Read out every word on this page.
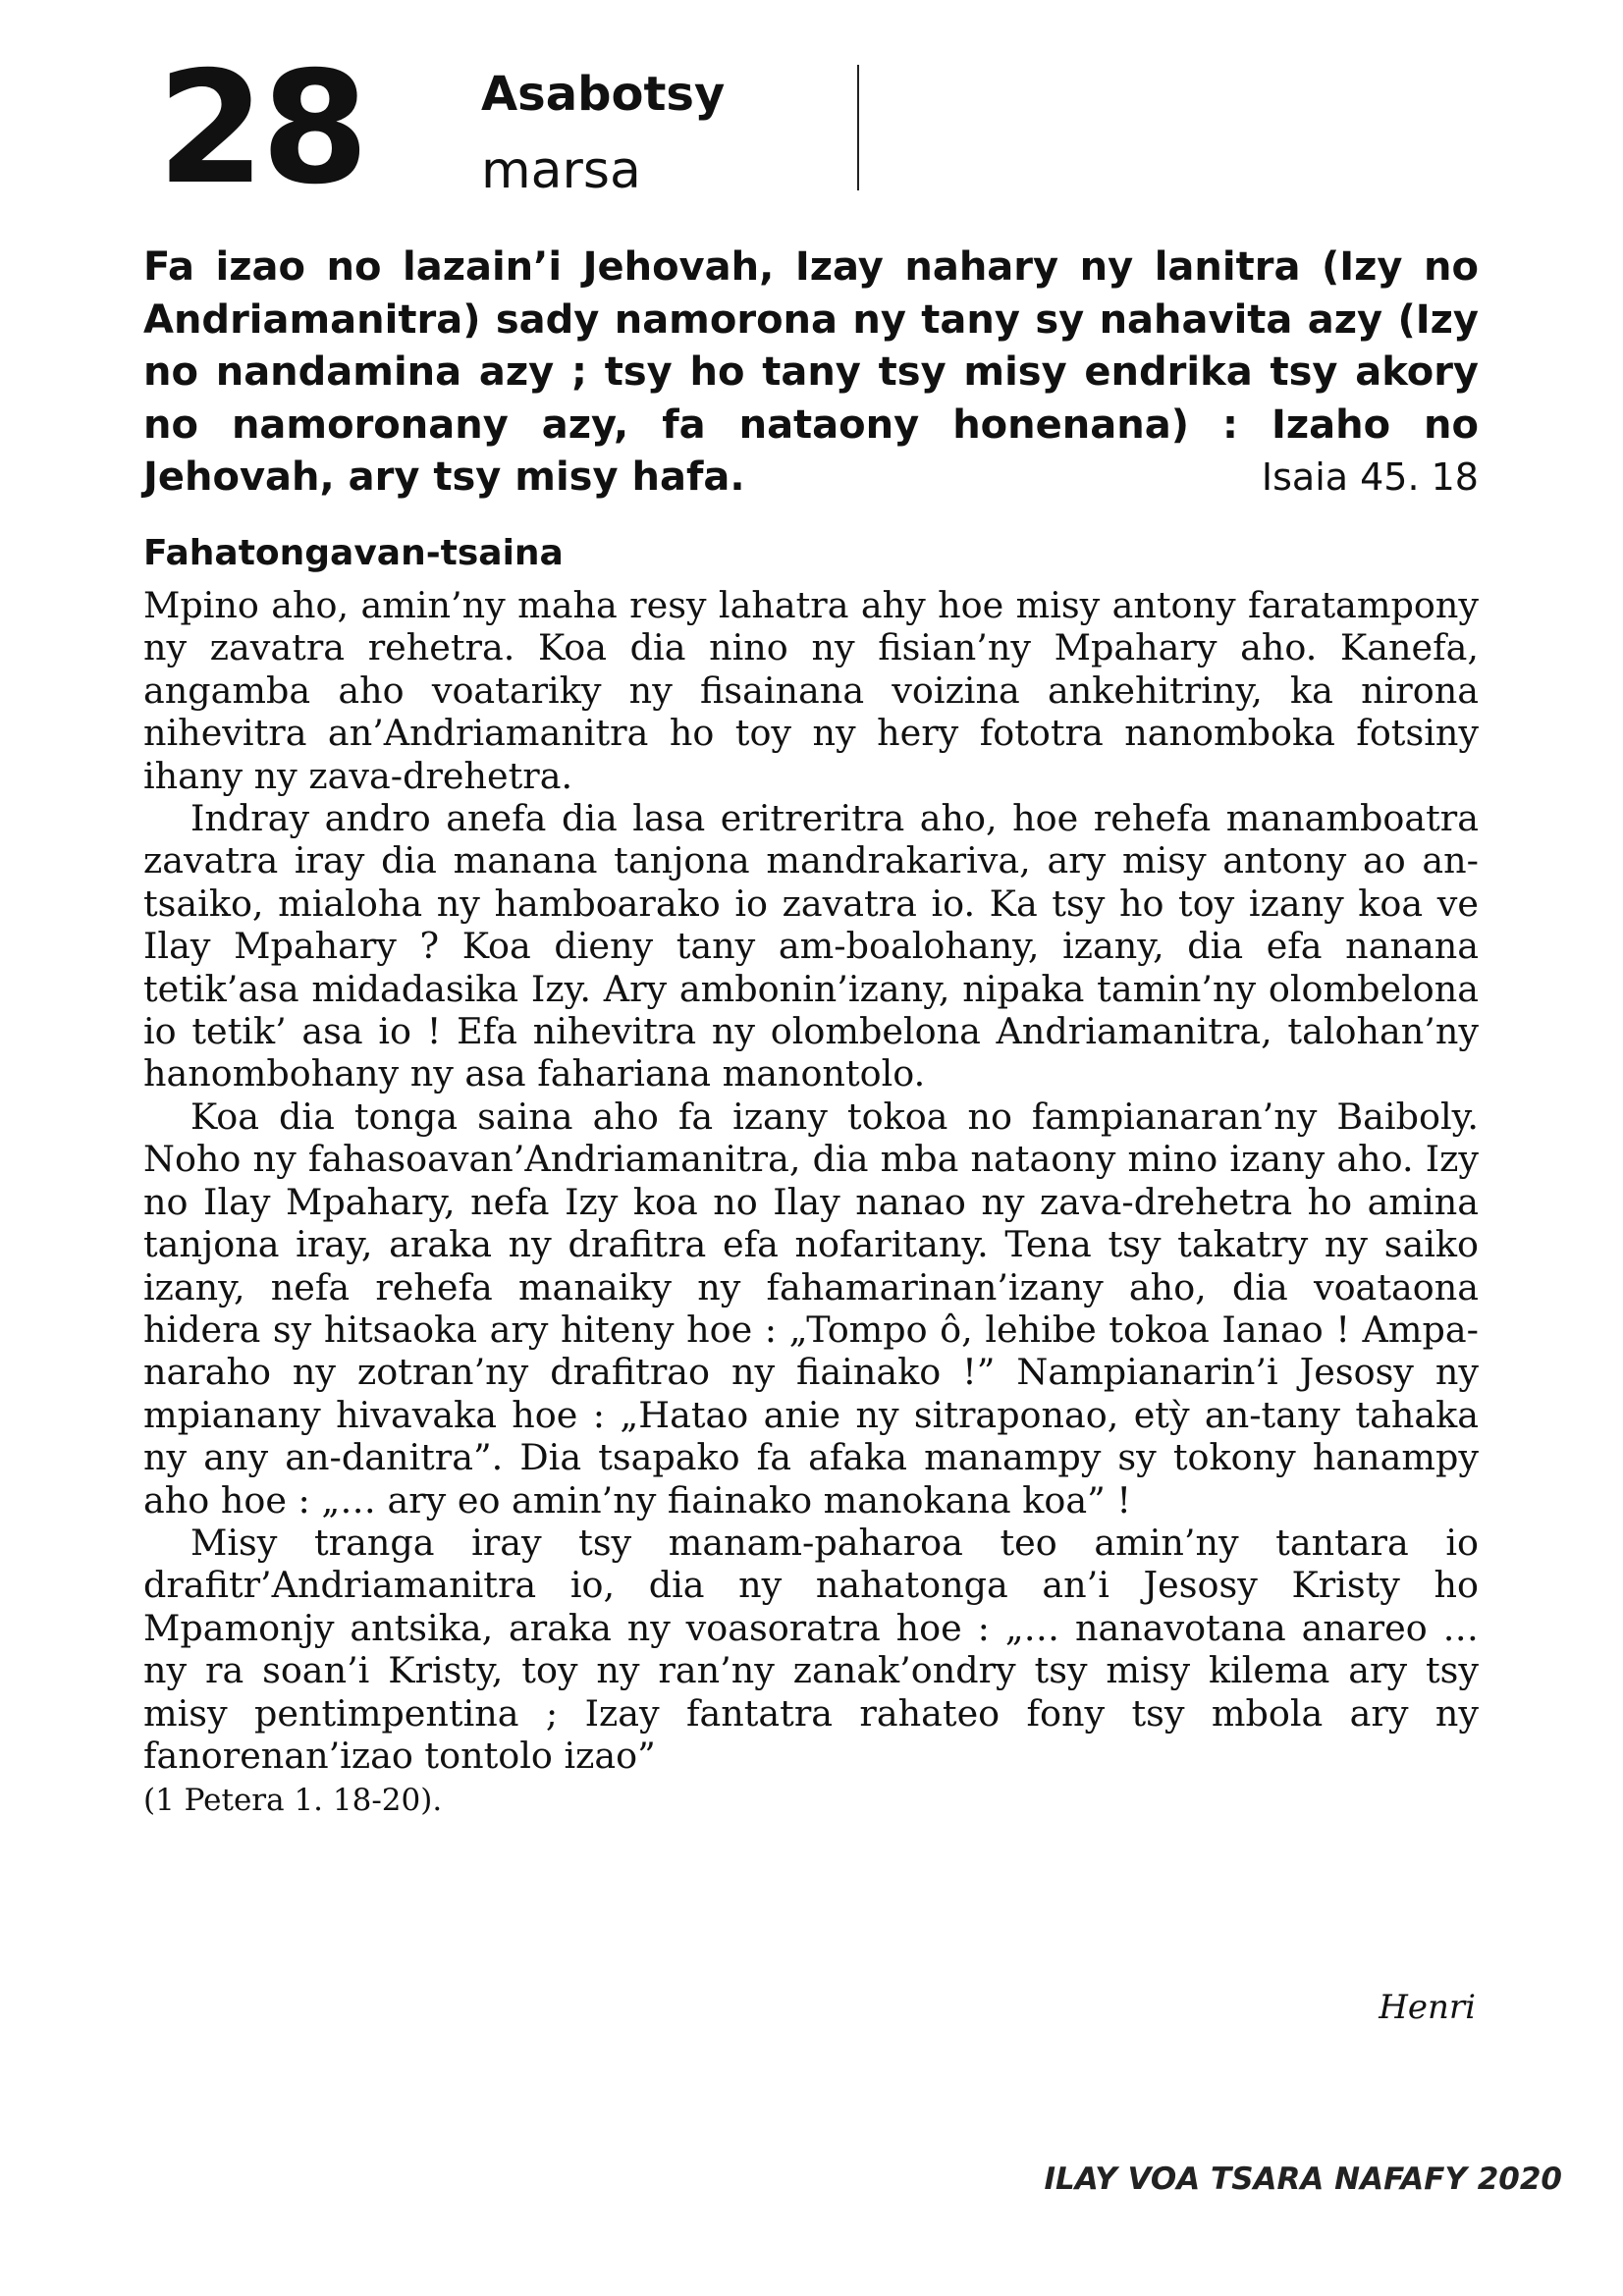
28 Asabotsy
marsa
Fa izao no lazain’i Jehovah, Izay nahary ny lanitra (Izy no Andriamanitra) sady namorona ny tany sy nahavita azy (Izy no nandamina azy ; tsy ho tany tsy misy endrika tsy akory no namoronany azy, fa nataony honenana) : Izaho no Jehovah, ary tsy misy hafa.	Isaia 45. 18
Fahatongavan-tsaina

Mpino aho, amin’ny maha resy lahatra ahy hoe misy antony faratampony ny zavatra rehetra. Koa dia nino ny fisian’ny Mpahary aho. Kanefa, angamba aho voatariky ny fisainana voizina ankehitriny, ka nirona nihevitra an’Andriamanitra ho toy ny hery fototra nanomboka fotsiny ihany ny zava-drehetra.

Indray andro anefa dia lasa eritreritra aho, hoe rehefa manamboatra zavatra iray dia manana tanjona mandrakariva, ary misy antony ao an-tsaiko, mialoha ny hamboarako io zavatra io. Ka tsy ho toy izany koa ve Ilay Mpahary ? Koa dieny tany am-boalohany, izany, dia efa nanana tetik’asa midadasika Izy. Ary ambonin’izany, nipaka tamin’ny olombelona io tetik’ asa io ! Efa nihevitra ny olombelona Andriamanitra, talohan’ny hanombohany ny asa fahariana manontolo.

Koa dia tonga saina aho fa izany tokoa no fampianaran’ny Baiboly. Noho ny fahasoavan’Andriamanitra, dia mba nataony mino izany aho. Izy no Ilay Mpahary, nefa Izy koa no Ilay nanao ny zava-drehetra ho amina tanjona iray, araka ny drafitra efa nofaritany. Tena tsy takatry ny saiko izany, nefa rehefa manaiky ny fahamarinan’izany aho, dia voataona hidera sy hitsaoka ary hiteny hoe : „Tompo ô, lehibe tokoa Ianao ! Ampanaraho ny zotran’ny drafitrao ny fiainako !” Nampianarin’i Jesosy ny mpianany hivavaka hoe : „Hatao anie ny sitraponao, etỳ an-tany tahaka ny any an-danitra”. Dia tsapako fa afaka manampy sy tokony hanampy aho hoe : „… ary eo amin’ny fiainako manokana koa” !

Misy tranga iray tsy manam-paharoa teo amin’ny tantara io drafitr’Andriamanitra io, dia ny nahatonga an’i Jesosy Kristy ho Mpamonjy antsika, araka ny voasoratra hoe : „… nanavotana anareo … ny ra soan’i Kristy, toy ny ran’ny zanak’ondry tsy misy kilema ary tsy misy pentimpentina ; Izay fantatra rahateo fony tsy mbola ary ny fanorenan’izao tontolo izao”
(1 Petera 1. 18-20).

Henri
ILAY VOA TSARA NAFAFY 2020
